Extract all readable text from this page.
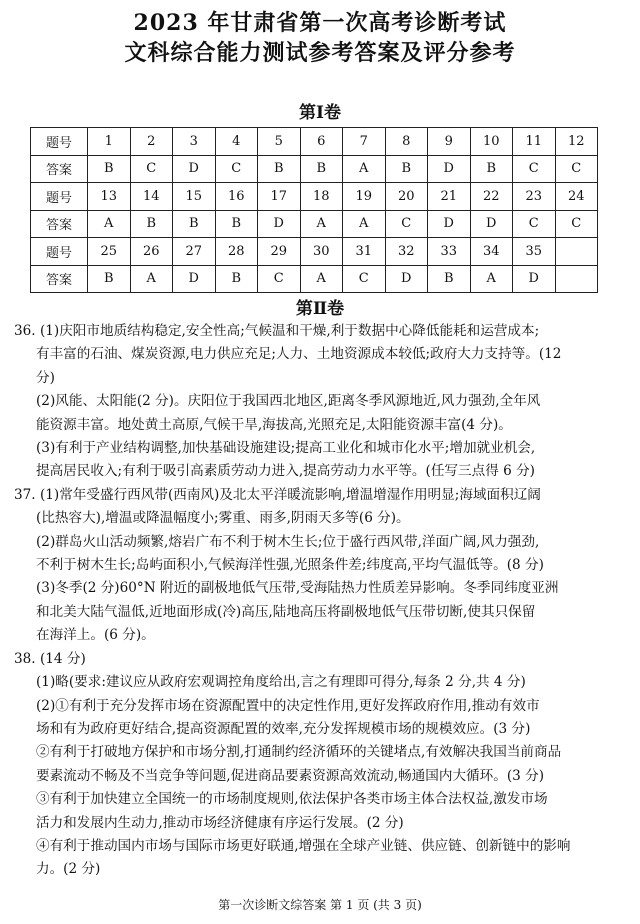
2023 年甘肃省第一次高考诊断考试
文科综合能力测试参考答案及评分参考
第Ⅰ卷
题号	1	2	3	4	5	6	7	8	9	10	11	12
答案	B	C	D	C	B	B	A	B	D	B	C	C
题号	13	14	15	16	17	18	19	20	21	22	23	24
答案	A	B	B	B	D	A	A	C	D	D	C	C
题号	25	26	27	28	29	30	31	32	33	34	35	
答案	B	A	D	B	C	A	C	D	B	A	D	
第Ⅱ卷

36. (1)庆阳市地质结构稳定,安全性高;气候温和干燥,利于数据中心降低能耗和运营成本;

有丰富的石油、煤炭资源,电力供应充足;人力、土地资源成本较低;政府大力支持等。(12

分)

(2)风能、太阳能(2 分)。庆阳位于我国西北地区,距离冬季风源地近,风力强劲,全年风

能资源丰富。地处黄土高原,气候干旱,海拔高,光照充足,太阳能资源丰富(4 分)。

(3)有利于产业结构调整,加快基础设施建设;提高工业化和城市化水平;增加就业机会,

提高居民收入;有利于吸引高素质劳动力进入,提高劳动力水平等。(任写三点得 6 分)

37. (1)常年受盛行西风带(西南风)及北太平洋暖流影响,增温增湿作用明显;海域面积辽阔

(比热容大),增温或降温幅度小;雾重、雨多,阴雨天多等(6 分)。

(2)群岛火山活动频繁,熔岩广布不利于树木生长;位于盛行西风带,洋面广阔,风力强劲,

不利于树木生长;岛屿面积小,气候海洋性强,光照条件差;纬度高,平均气温低等。(8 分)

(3)冬季(2 分)60°N 附近的副极地低气压带,受海陆热力性质差异影响。冬季同纬度亚洲

和北美大陆气温低,近地面形成(冷)高压,陆地高压将副极地低气压带切断,使其只保留

在海洋上。(6 分)。

38. (14 分)

(1)略(要求:建议应从政府宏观调控角度给出,言之有理即可得分,每条 2 分,共 4 分)

(2)①有利于充分发挥市场在资源配置中的决定性作用,更好发挥政府作用,推动有效市

场和有为政府更好结合,提高资源配置的效率,充分发挥规模市场的规模效应。(3 分)

②有利于打破地方保护和市场分割,打通制约经济循环的关键堵点,有效解决我国当前商品

要素流动不畅及不当竞争等问题,促进商品要素资源高效流动,畅通国内大循环。(3 分)

③有利于加快建立全国统一的市场制度规则,依法保护各类市场主体合法权益,激发市场

活力和发展内生动力,推动市场经济健康有序运行发展。(2 分)

④有利于推动国内市场与国际市场更好联通,增强在全球产业链、供应链、创新链中的影响

力。(2 分)

第一次诊断文综答案 第 1 页 (共 3 页)
